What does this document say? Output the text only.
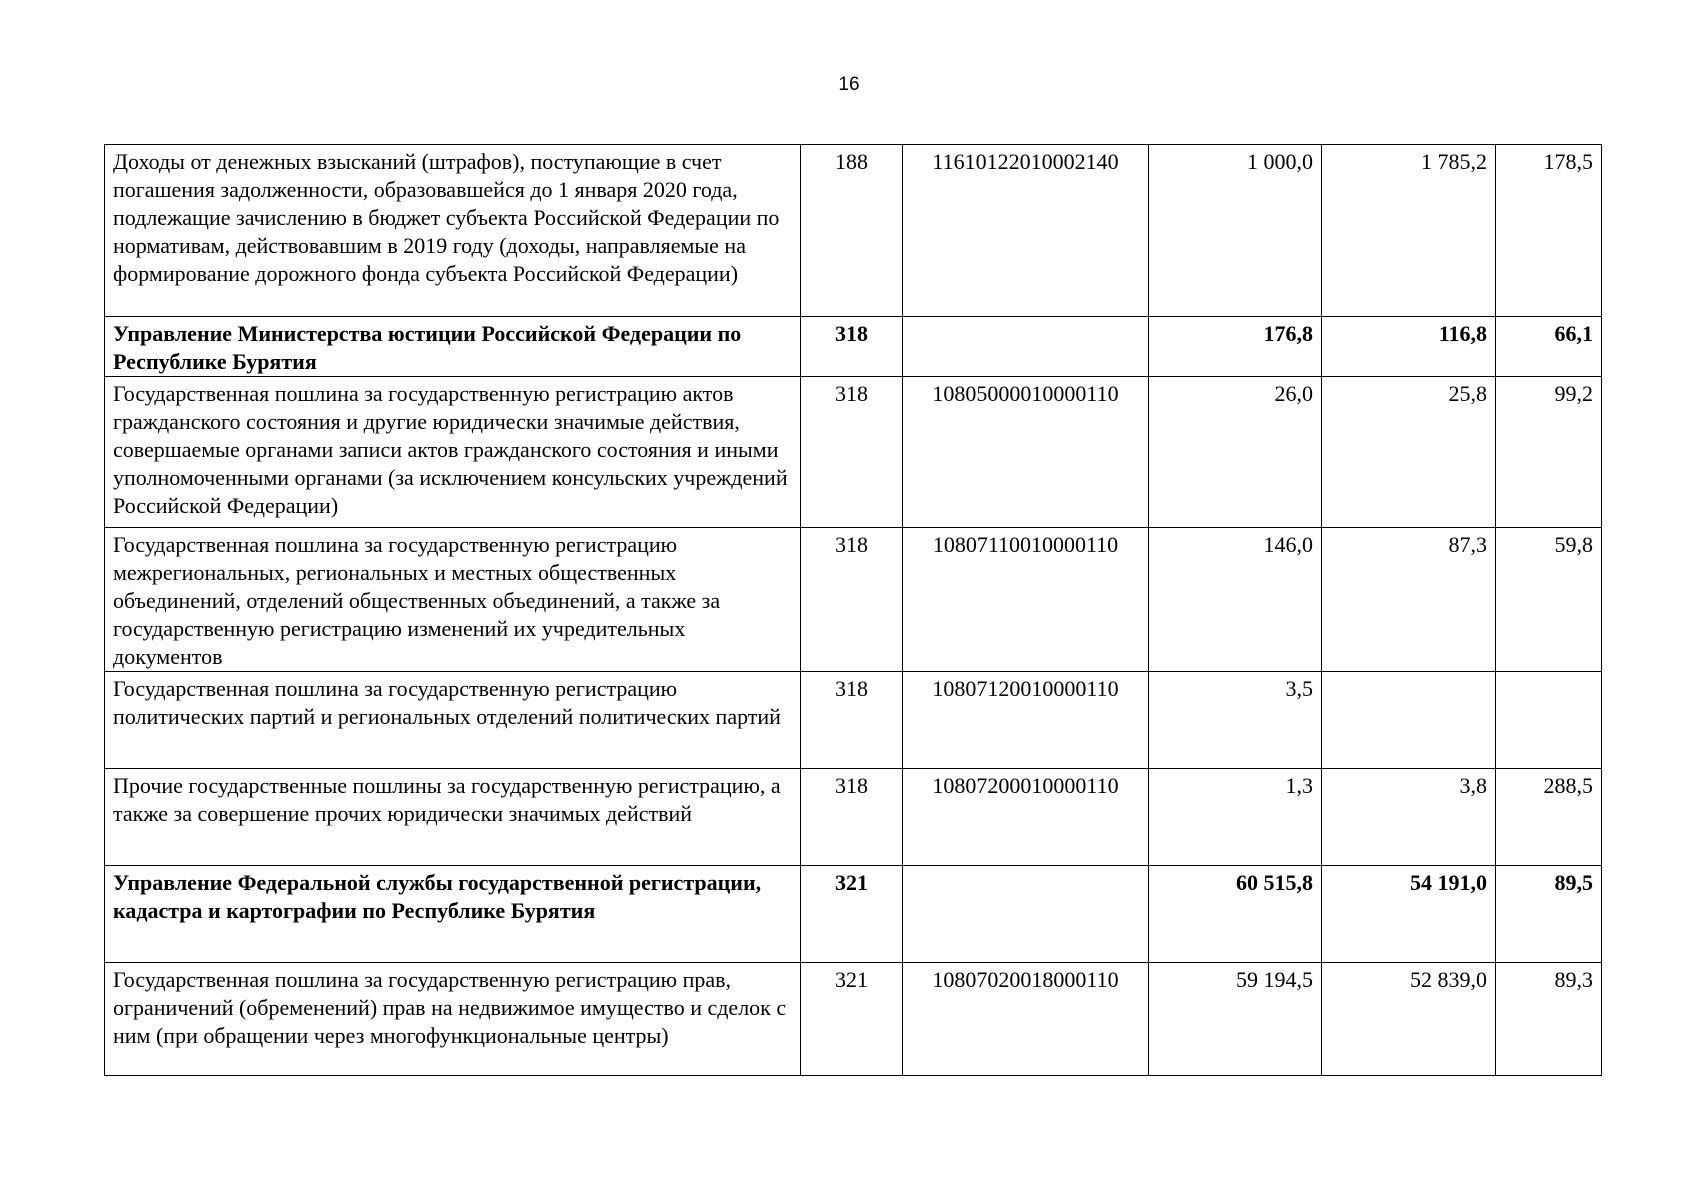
16
Доходы от денежных взысканий (штрафов), поступающие в счет погашения задолженности, образовавшейся до 1 января 2020 года, подлежащие зачислению в бюджет субъекта Российской Федерации по нормативам, действовавшим в 2019 году (доходы, направляемые на формирование дорожного фонда субъекта Российской Федерации)	188	11610122010002140	1 000,0	1 785,2	178,5
Управление Министерства юстиции Российской Федерации по Республике Бурятия	318		176,8	116,8	66,1
Государственная пошлина за государственную регистрацию актов гражданского состояния и другие юридически значимые действия, совершаемые органами записи актов гражданского состояния и иными уполномоченными органами (за исключением консульских учреждений Российской Федерации)	318	10805000010000110	26,0	25,8	99,2
Государственная пошлина за государственную регистрацию межрегиональных, региональных и местных общественных объединений, отделений общественных объединений, а также за государственную регистрацию изменений их учредительных документов	318	10807110010000110	146,0	87,3	59,8
Государственная пошлина за государственную регистрацию политических партий и региональных отделений политических партий	318	10807120010000110	3,5		
Прочие государственные пошлины за государственную регистрацию, а также за совершение прочих юридически значимых действий	318	10807200010000110	1,3	3,8	288,5
Управление Федеральной службы государственной регистрации, кадастра и картографии по Республике Бурятия	321		60 515,8	54 191,0	89,5
Государственная пошлина за государственную регистрацию прав, ограничений (обременений) прав на недвижимое имущество и сделок с ним (при обращении через многофункциональные центры)	321	10807020018000110	59 194,5	52 839,0	89,3
